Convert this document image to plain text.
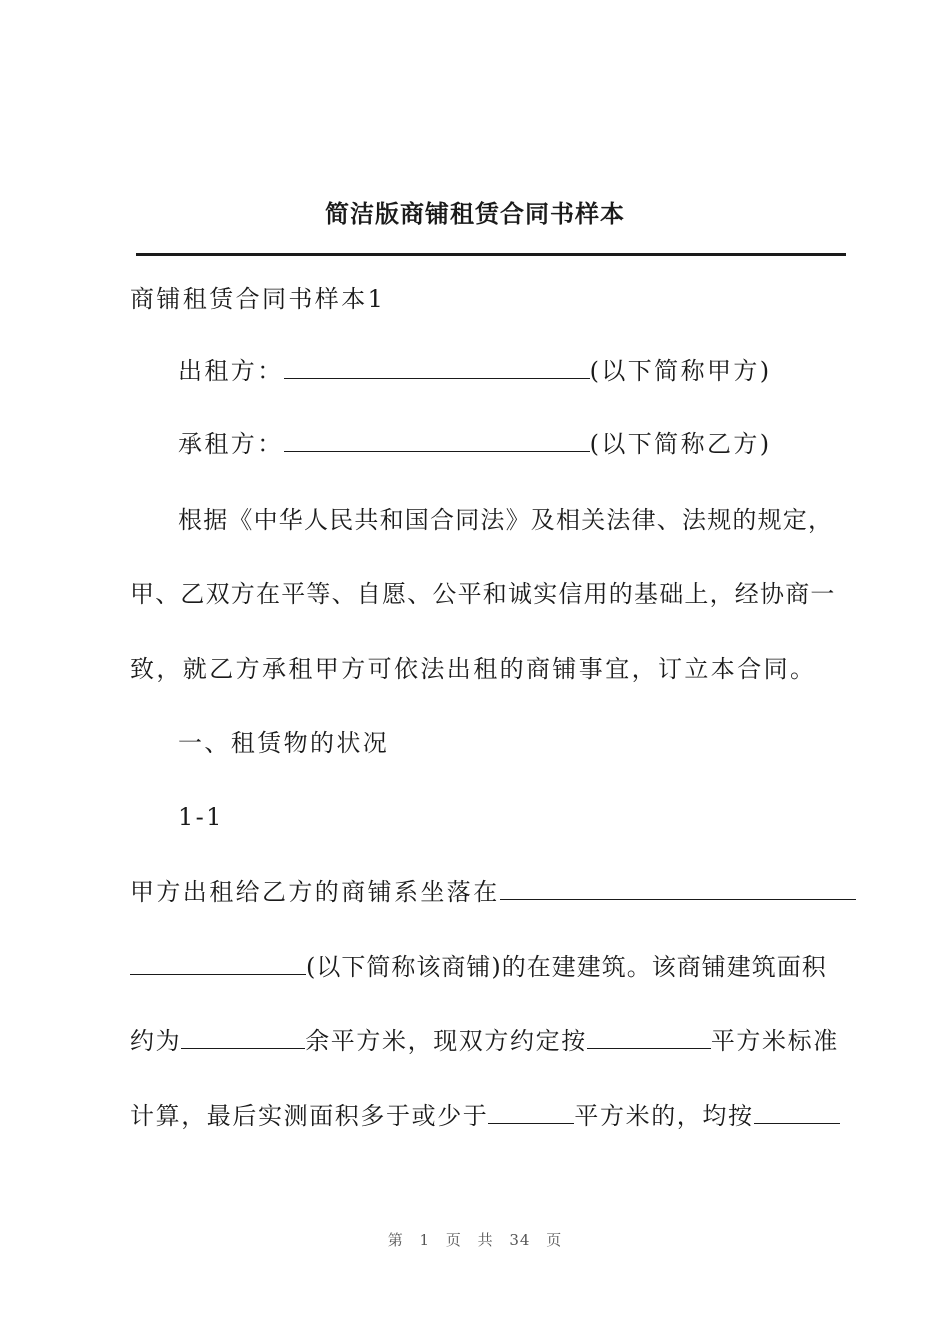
简洁版商铺租赁合同书样本
商铺租赁合同书样本1
出租方：	(以下简称甲方)
承租方：	(以下简称乙方)
根据《中华人民共和国合同法》及相关法律、法规的规定，
甲、乙双方在平等、自愿、公平和诚实信用的基础上，经协商一
致，就乙方承租甲方可依法出租的商铺事宜，订立本合同。
一、租赁物的状况
1-1
甲方出租给乙方的商铺系坐落在
(以下简称该商铺)的在建建筑。该商铺建筑面积
约为	余平方米，现双方约定按	平方米标准
计算，最后实测面积多于或少于	平方米的，均按
第 1 页 共 34 页
